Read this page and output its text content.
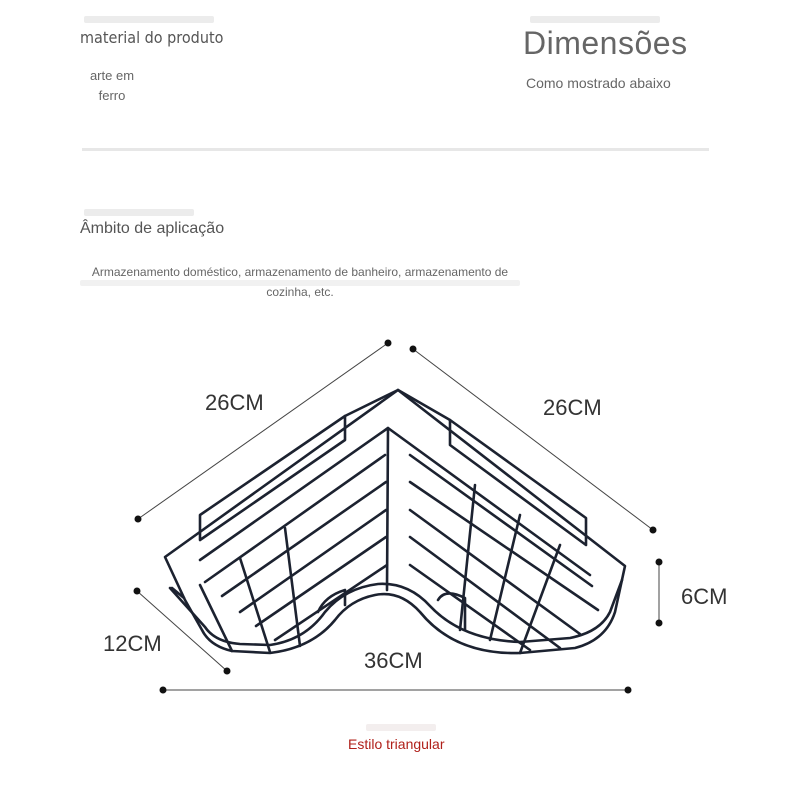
material do produto
arte em ferro
Dimensões
Como mostrado abaixo
Âmbito de aplicação
Armazenamento doméstico, armazenamento de banheiro, armazenamento de cozinha, etc.
26CM	26CM
6CM
12CM
36CM
Estilo triangular
